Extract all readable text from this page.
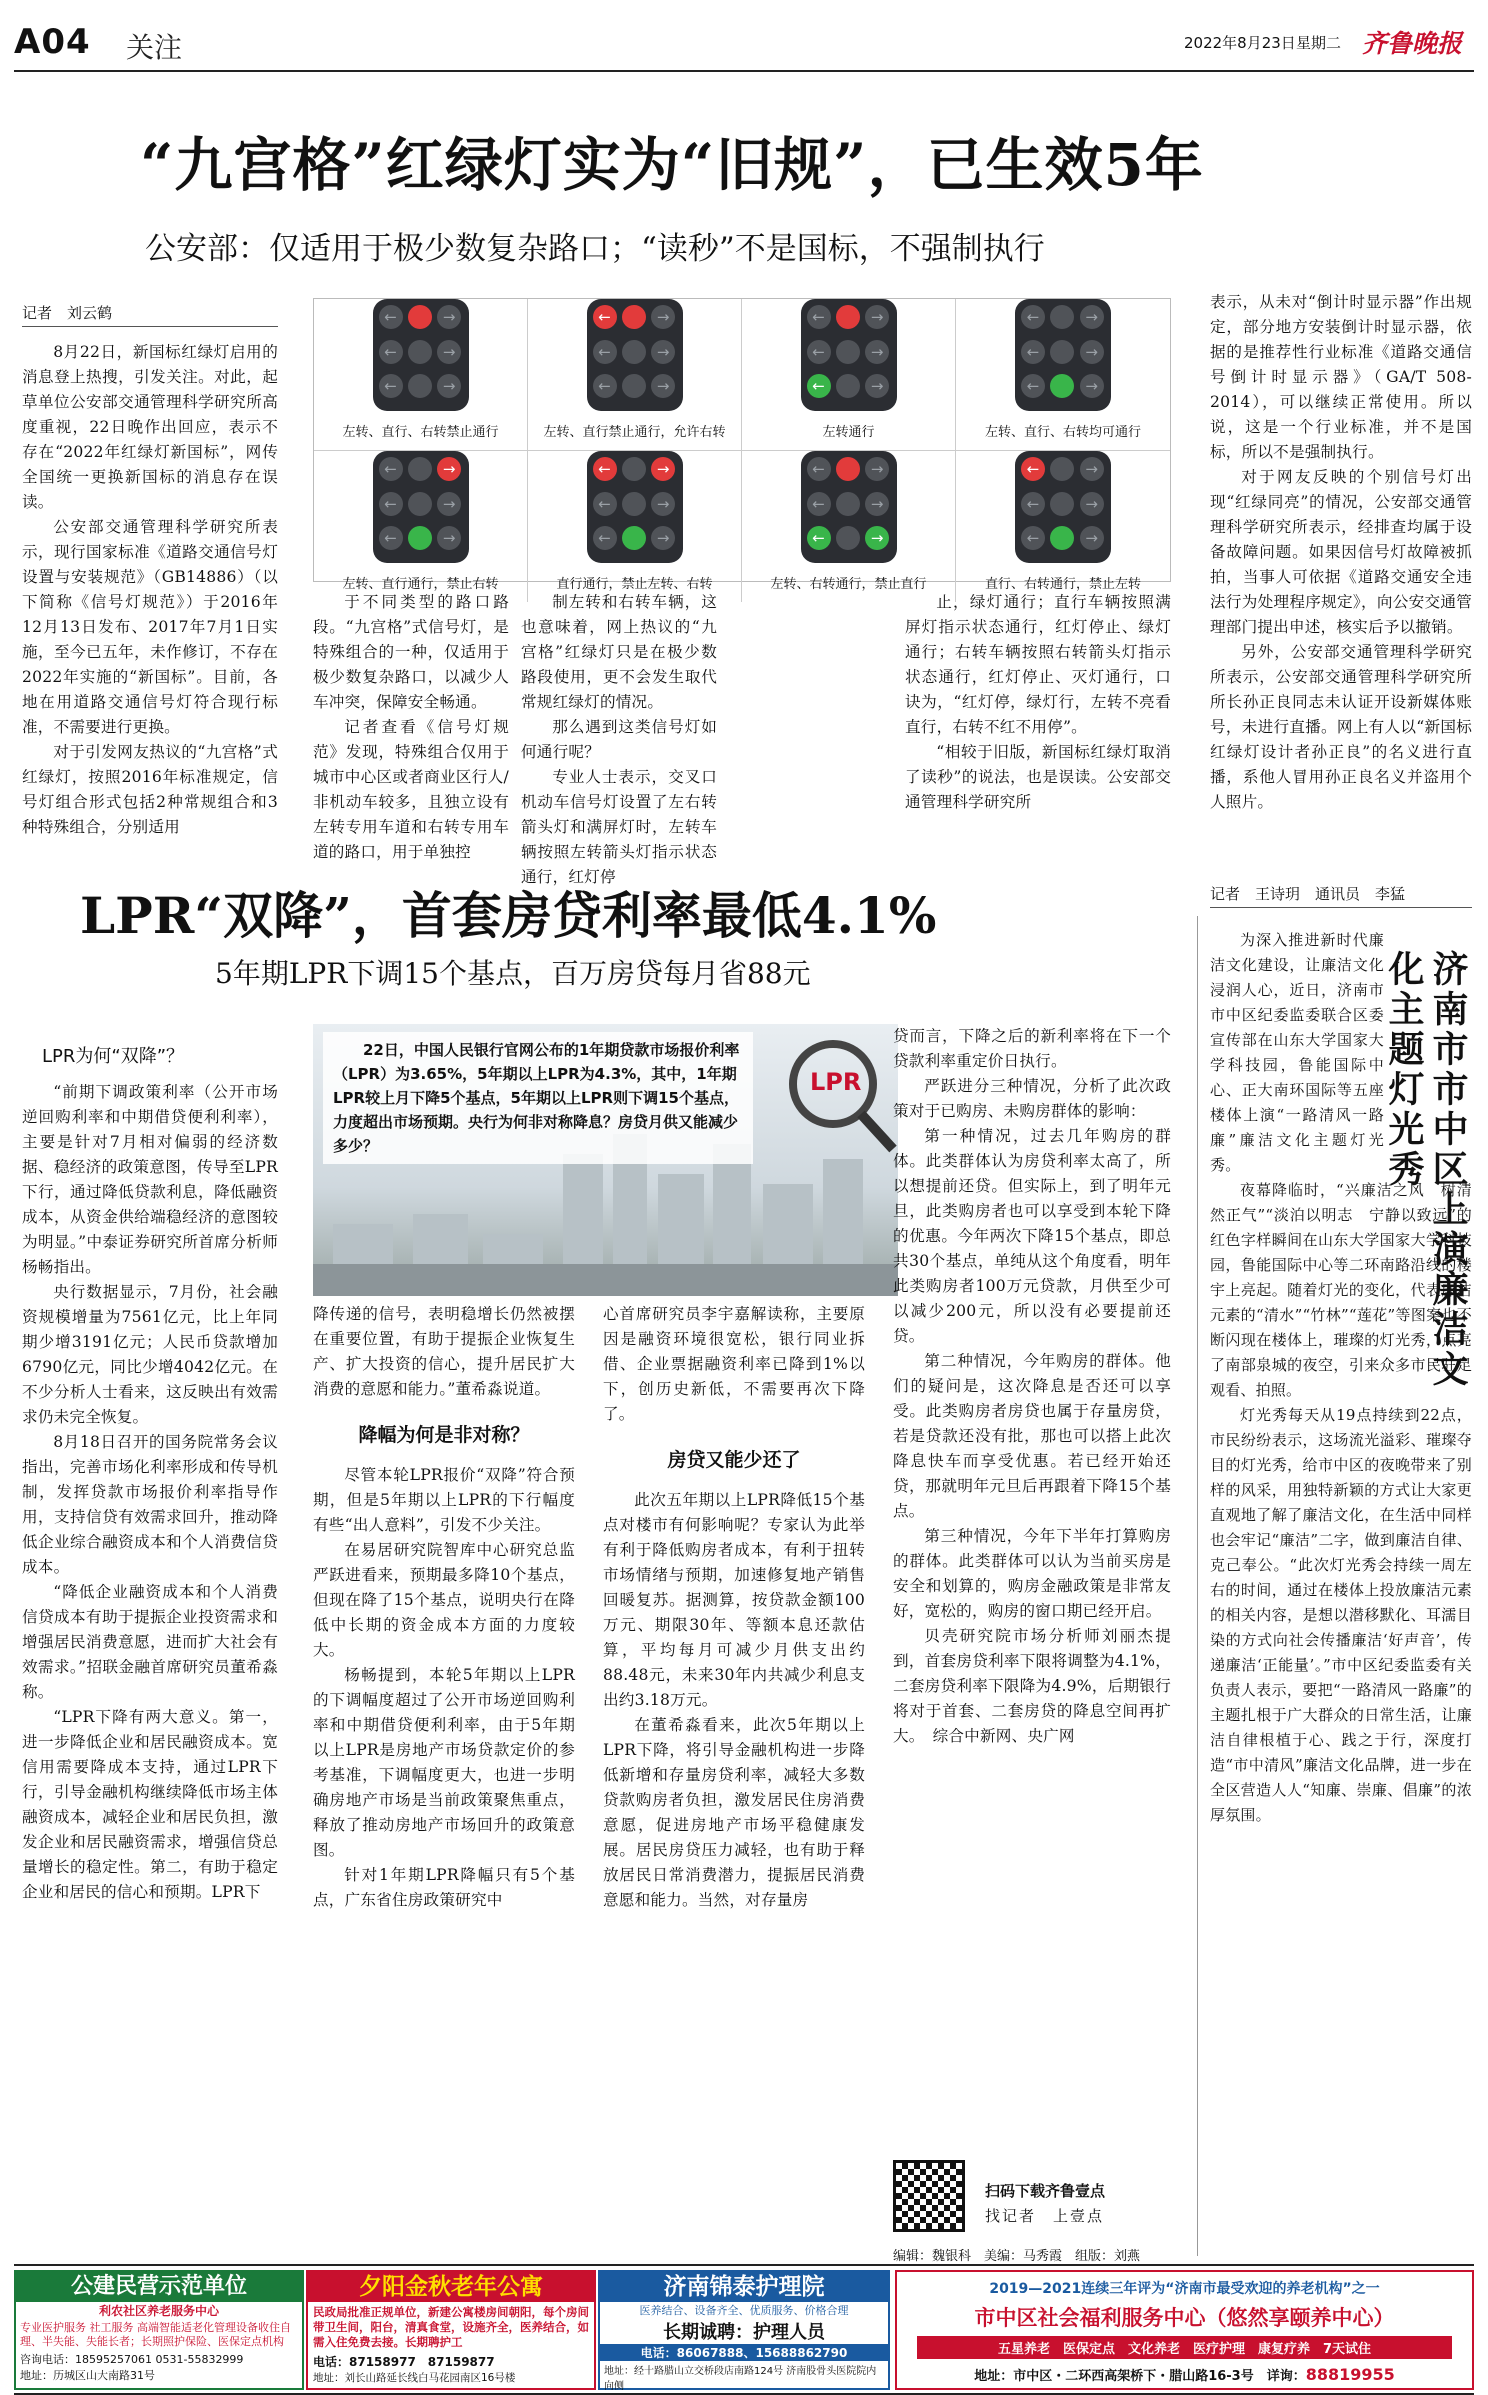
A04 关注	2022年8月23日 星期二 齐鲁晚报
“九宫格”红绿灯实为“旧规”，已生效5年
公安部：仅适用于极少数复杂路口；“读秒”不是国标，不强制执行
记者　刘云鹤

8月22日，新国标红绿灯启用的消息登上热搜，引发关注。对此，起草单位公安部交通管理科学研究所高度重视，22日晚作出回应，表示不存在“2022年红绿灯新国标”，网传全国统一更换新国标的消息存在误读。

公安部交通管理科学研究所表示，现行国家标准《道路交通信号灯设置与安装规范》（GB14886）（以下简称《信号灯规范》）于2016年12月13日发布、2017年7月1日实施，至今已五年，未作修订，不存在2022年实施的“新国标”。目前，各地在用道路交通信号灯符合现行标准，不需要进行更换。

对于引发网友热议的“九宫格”式红绿灯，按照2016年标准规定，信号灯组合形式包括2种常规组合和3种特殊组合，分别适用

←	→
←	→
←	→
左转、直行、右转禁止通行
←	→
←	→
←	→
左转、直行禁止通行，允许右转
←	→
←	→
←	→
左转通行
←	→
←	→
←	→
左转、直行、右转均可通行
←	→
←	→
←	→
左转、直行通行，禁止右转
←	→
←	→
←	→
直行通行，禁止左转、右转
←	→
←	→
←	→
左转、右转通行，禁止直行
←	→
←	→
←	→
直行、右转通行，禁止左转

于不同类型的路口路段。“九宫格”式信号灯，是特殊组合的一种，仅适用于极少数复杂路口，以减少人车冲突，保障安全畅通。

记者查看《信号灯规范》发现，特殊组合仅用于城市中心区或者商业区行人/非机动车较多，且独立设有左转专用车道和右转专用车道的路口，用于单独控

制左转和右转车辆，这也意味着，网上热议的“九宫格”红绿灯只是在极少数路段使用，更不会发生取代常规红绿灯的情况。

那么遇到这类信号灯如何通行呢？

专业人士表示，交叉口机动车信号灯设置了左右转箭头灯和满屏灯时，左转车辆按照左转箭头灯指示状态通行，红灯停

止，绿灯通行；直行车辆按照满屏灯指示状态通行，红灯停止、绿灯通行；右转车辆按照右转箭头灯指示状态通行，红灯停止、灭灯通行，口诀为，“红灯停，绿灯行，左转不亮看直行，右转不红不用停”。

“相较于旧版，新国标红绿灯取消了读秒”的说法，也是误读。公安部交通管理科学研究所

表示，从未对“倒计时显示器”作出规定，部分地方安装倒计时显示器，依据的是推荐性行业标准《道路交通信号倒计时显示器》（GA/T 508-2014），可以继续正常使用。所以说，这是一个行业标准，并不是国标，所以不是强制执行。

对于网友反映的个别信号灯出现“红绿同亮”的情况，公安部交通管理科学研究所表示，经排查均属于设备故障问题。如果因信号灯故障被抓拍，当事人可依据《道路交通安全违法行为处理程序规定》，向公安交通管理部门提出申述，核实后予以撤销。

另外，公安部交通管理科学研究所表示，公安部交通管理科学研究所所长孙正良同志未认证开设新媒体账号，未进行直播。网上有人以“新国标红绿灯设计者孙正良”的名义进行直播，系他人冒用孙正良名义并盗用个人照片。

LPR“双降”，首套房贷利率最低4.1%
5年期LPR下调15个基点，百万房贷每月省88元
记者　王诗玥　通讯员　李猛
LPR为何“双降”？

“前期下调政策利率（公开市场逆回购利率和中期借贷便利利率），主要是针对7月相对偏弱的经济数据、稳经济的政策意图，传导至LPR下行，通过降低贷款利息，降低融资成本，从资金供给端稳经济的意图较为明显。”中泰证券研究所首席分析师杨畅指出。

央行数据显示，7月份，社会融资规模增量为7561亿元，比上年同期少增3191亿元；人民币贷款增加6790亿元，同比少增4042亿元。在不少分析人士看来，这反映出有效需求仍未完全恢复。

8月18日召开的国务院常务会议指出，完善市场化利率形成和传导机制，发挥贷款市场报价利率指导作用，支持信贷有效需求回升，推动降低企业综合融资成本和个人消费信贷成本。

“降低企业融资成本和个人消费信贷成本有助于提振企业投资需求和增强居民消费意愿，进而扩大社会有效需求。”招联金融首席研究员董希淼称。

“LPR下降有两大意义。第一，进一步降低企业和居民融资成本。宽信用需要降成本支持，通过LPR下行，引导金融机构继续降低市场主体融资成本，减轻企业和居民负担，激发企业和居民融资需求，增强信贷总量增长的稳定性。第二，有助于稳定企业和居民的信心和预期。LPR下

LPR
22日，中国人民银行官网公布的1年期贷款市场报价利率（LPR）为3.65%，5年期以上LPR为4.3%，其中，1年期LPR较上月下降5个基点，5年期以上LPR则下调15个基点，力度超出市场预期。央行为何非对称降息？房贷月供又能减少多少？

降传递的信号，表明稳增长仍然被摆在重要位置，有助于提振企业恢复生产、扩大投资的信心，提升居民扩大消费的意愿和能力。”董希淼说道。

降幅为何是非对称？

尽管本轮LPR报价“双降”符合预期，但是5年期以上LPR的下行幅度有些“出人意料”，引发不少关注。

在易居研究院智库中心研究总监严跃进看来，预期最多降10个基点，但现在降了15个基点，说明央行在降低中长期的资金成本方面的力度较大。

杨畅提到，本轮5年期以上LPR的下调幅度超过了公开市场逆回购利率和中期借贷便利利率，由于5年期以上LPR是房地产市场贷款定价的参考基准，下调幅度更大，也进一步明确房地产市场是当前政策聚焦重点，释放了推动房地产市场回升的政策意图。

针对1年期LPR降幅只有5个基点，广东省住房政策研究中

心首席研究员李宇嘉解读称，主要原因是融资环境很宽松，银行同业拆借、企业票据融资利率已降到1%以下，创历史新低，不需要再次下降了。

房贷又能少还了

此次五年期以上LPR降低15个基点对楼市有何影响呢？专家认为此举有利于降低购房者成本，有利于扭转市场情绪与预期，加速修复地产销售回暖复苏。据测算，按贷款金额100万元、期限30年、等额本息还款估算，平均每月可减少月供支出约88.48元，未来30年内共减少利息支出约3.18万元。

在董希淼看来，此次5年期以上LPR下降，将引导金融机构进一步降低新增和存量房贷利率，减轻大多数贷款购房者负担，激发居民住房消费意愿，促进房地产市场平稳健康发展。居民房贷压力减轻，也有助于释放居民日常消费潜力，提振居民消费意愿和能力。当然，对存量房

贷而言，下降之后的新利率将在下一个贷款利率重定价日执行。

严跃进分三种情况，分析了此次政策对于已购房、未购房群体的影响：

第一种情况，过去几年购房的群体。此类群体认为房贷利率太高了，所以想提前还贷。但实际上，到了明年元旦，此类购房者也可以享受到本轮下降的优惠。今年两次下降15个基点，即总共30个基点，单纯从这个角度看，明年此类购房者100万元贷款，月供至少可以减少200元，所以没有必要提前还贷。

第二种情况，今年购房的群体。他们的疑问是，这次降息是否还可以享受。此类购房者房贷也属于存量房贷，若是贷款还没有批，那也可以搭上此次降息快车而享受优惠。若已经开始还贷，那就明年元旦后再跟着下降15个基点。

第三种情况，今年下半年打算购房的群体。此类群体可以认为当前买房是安全和划算的，购房金融政策是非常友好，宽松的，购房的窗口期已经开启。

贝壳研究院市场分析师刘丽杰提到，首套房贷利率下限将调整为4.1%，二套房贷利率下限降为4.9%，后期银行将对于首套、二套房贷的降息空间再扩大。　综合中新网、央广网

扫码下载齐鲁壹点
找记者　上壹点
编辑：魏银科　美编：马秀霞　组版：刘燕
济南市市中区上演廉洁文化主题灯光秀

为深入推进新时代廉洁文化建设，让廉洁文化浸润人心，近日，济南市市中区纪委监委联合区委宣传部在山东大学国家大学科技园，鲁能国际中心、正大南环国际等五座楼体上演“一路清风一路廉”廉洁文化主题灯光秀。

夜幕降临时，“兴廉洁之风　树清然正气”“淡泊以明志　宁静以致远”的红色字样瞬间在山东大学国家大学科技园，鲁能国际中心等二环南路沿线的楼宇上亮起。随着灯光的变化，代表廉洁元素的“清水”“竹林”“莲花”等图案也不断闪现在楼体上，璀璨的灯光秀，点亮了南部泉城的夜空，引来众多市民驻足观看、拍照。

灯光秀每天从19点持续到22点，市民纷纷表示，这场流光溢彩、璀璨夺目的灯光秀，给市中区的夜晚带来了别样的风采，用独特新颖的方式让大家更直观地了解了廉洁文化，在生活中同样也会牢记“廉洁”二字，做到廉洁自律、克己奉公。“此次灯光秀会持续一周左右的时间，通过在楼体上投放廉洁元素的相关内容，是想以潜移默化、耳濡目染的方式向社会传播廉洁‘好声音’，传递廉洁‘正能量’。”市中区纪委监委有关负责人表示，要把“一路清风一路廉”的主题扎根于广大群众的日常生活，让廉洁自律根植于心、践之于行，深度打造“市中清风”廉洁文化品牌，进一步在全区营造人人“知廉、崇廉、倡廉”的浓厚氛围。

公建民营示范单位
利农社区养老服务中心
专业医护服务 社工服务 高端智能适老化管理设备收住自理、半失能、失能长者；长期照护保险、医保定点机构
咨询电话：18595257061 0531-55832999
地址：历城区山大南路31号
夕阳金秋老年公寓
民政局批准正规单位，新建公寓楼房间朝阳，每个房间带卫生间，阳台，清真食堂，设施齐全，医养结合，如需入住免费去接。长期聘护工
电话：87158977　87159877
地址：刘长山路延长线白马花园南区16号楼
济南锦泰护理院
医养结合、设备齐全、优质服务、价格合理
长期诚聘：护理人员
电话：86067888、15688862790
地址：经十路腊山立交桥段店南路124号 济南股骨头医院院内向侧
2019—2021连续三年评为“济南市最受欢迎的养老机构”之一
市中区社会福利服务中心（悠然享颐养中心）
五星养老　医保定点　文化养老　医疗护理　康复疗养　7天试住
地址：市中区・二环西高架桥下・腊山路16-3号　详询：88819955
